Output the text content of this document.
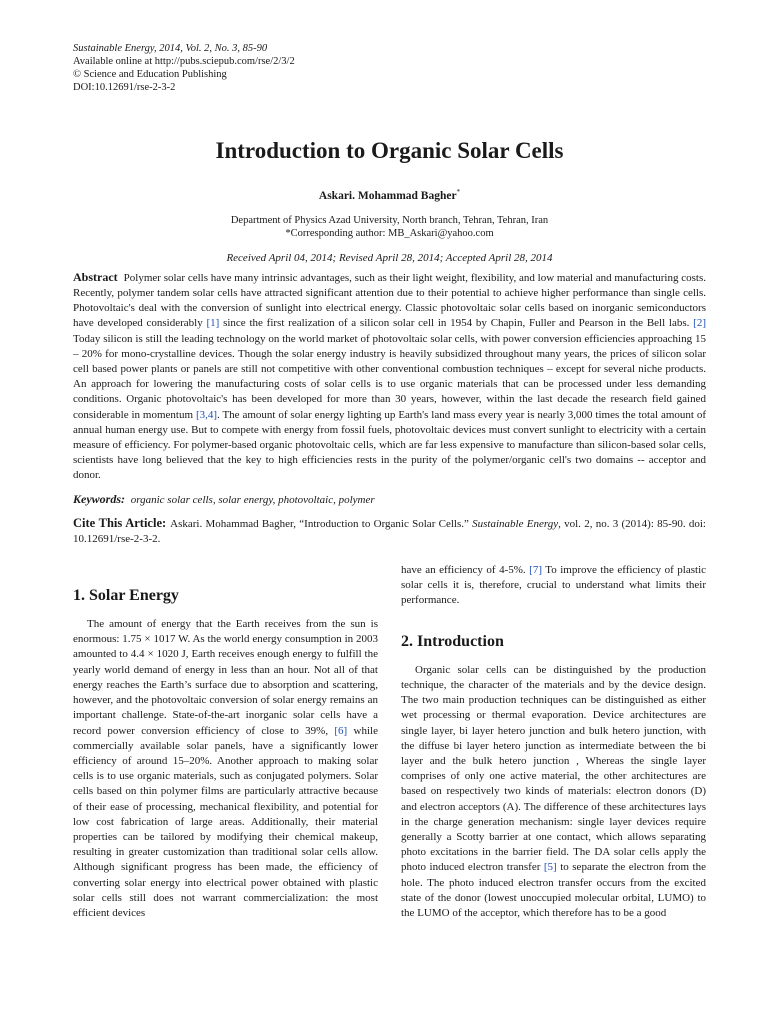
Sustainable Energy, 2014, Vol. 2, No. 3, 85-90
Available online at http://pubs.sciepub.com/rse/2/3/2
© Science and Education Publishing
DOI:10.12691/rse-2-3-2
Introduction to Organic Solar Cells
Askari. Mohammad Bagher*
Department of Physics Azad University, North branch, Tehran, Tehran, Iran
*Corresponding author: MB_Askari@yahoo.com
Received April 04, 2014; Revised April 28, 2014; Accepted April 28, 2014
Abstract Polymer solar cells have many intrinsic advantages, such as their light weight, flexibility, and low material and manufacturing costs. Recently, polymer tandem solar cells have attracted significant attention due to their potential to achieve higher performance than single cells. Photovoltaic's deal with the conversion of sunlight into electrical energy. Classic photovoltaic solar cells based on inorganic semiconductors have developed considerably [1] since the first realization of a silicon solar cell in 1954 by Chapin, Fuller and Pearson in the Bell labs. [2] Today silicon is still the leading technology on the world market of photovoltaic solar cells, with power conversion efficiencies approaching 15 – 20% for mono-crystalline devices. Though the solar energy industry is heavily subsidized throughout many years, the prices of silicon solar cell based power plants or panels are still not competitive with other conventional combustion techniques – except for several niche products. An approach for lowering the manufacturing costs of solar cells is to use organic materials that can be processed under less demanding conditions. Organic photovoltaic's has been developed for more than 30 years, however, within the last decade the research field gained considerable in momentum [3,4]. The amount of solar energy lighting up Earth's land mass every year is nearly 3,000 times the total amount of annual human energy use. But to compete with energy from fossil fuels, photovoltaic devices must convert sunlight to electricity with a certain measure of efficiency. For polymer-based organic photovoltaic cells, which are far less expensive to manufacture than silicon-based solar cells, scientists have long believed that the key to high efficiencies rests in the purity of the polymer/organic cell's two domains -- acceptor and donor.
Keywords: organic solar cells, solar energy, photovoltaic, polymer
Cite This Article: Askari. Mohammad Bagher, “Introduction to Organic Solar Cells.” Sustainable Energy, vol. 2, no. 3 (2014): 85-90. doi: 10.12691/rse-2-3-2.
1. Solar Energy

The amount of energy that the Earth receives from the sun is enormous: 1.75 × 1017 W. As the world energy consumption in 2003 amounted to 4.4 × 1020 J, Earth receives enough energy to fulfill the yearly world demand of energy in less than an hour. Not all of that energy reaches the Earth’s surface due to absorption and scattering, however, and the photovoltaic conversion of solar energy remains an important challenge. State-of-the-art inorganic solar cells have a record power conversion efficiency of close to 39%, [6] while commercially available solar panels, have a significantly lower efficiency of around 15–20%. Another approach to making solar cells is to use organic materials, such as conjugated polymers. Solar cells based on thin polymer films are particularly attractive because of their ease of processing, mechanical flexibility, and potential for low cost fabrication of large areas. Additionally, their material properties can be tailored by modifying their chemical makeup, resulting in greater customization than traditional solar cells allow. Although significant progress has been made, the efficiency of converting solar energy into electrical power obtained with plastic solar cells still does not warrant commercialization: the most efficient devices

have an efficiency of 4-5%. [7] To improve the efficiency of plastic solar cells it is, therefore, crucial to understand what limits their performance.

2. Introduction

Organic solar cells can be distinguished by the production technique, the character of the materials and by the device design. The two main production techniques can be distinguished as either wet processing or thermal evaporation. Device architectures are single layer, bi layer hetero junction and bulk hetero junction, with the diffuse bi layer hetero junction as intermediate between the bi layer and the bulk hetero junction , Whereas the single layer comprises of only one active material, the other architectures are based on respectively two kinds of materials: electron donors (D) and electron acceptors (A). The difference of these architectures lays in the charge generation mechanism: single layer devices require generally a Scotty barrier at one contact, which allows separating photo excitations in the barrier field. The DA solar cells apply the photo induced electron transfer [5] to separate the electron from the hole. The photo induced electron transfer occurs from the excited state of the donor (lowest unoccupied molecular orbital, LUMO) to the LUMO of the acceptor, which therefore has to be a good
